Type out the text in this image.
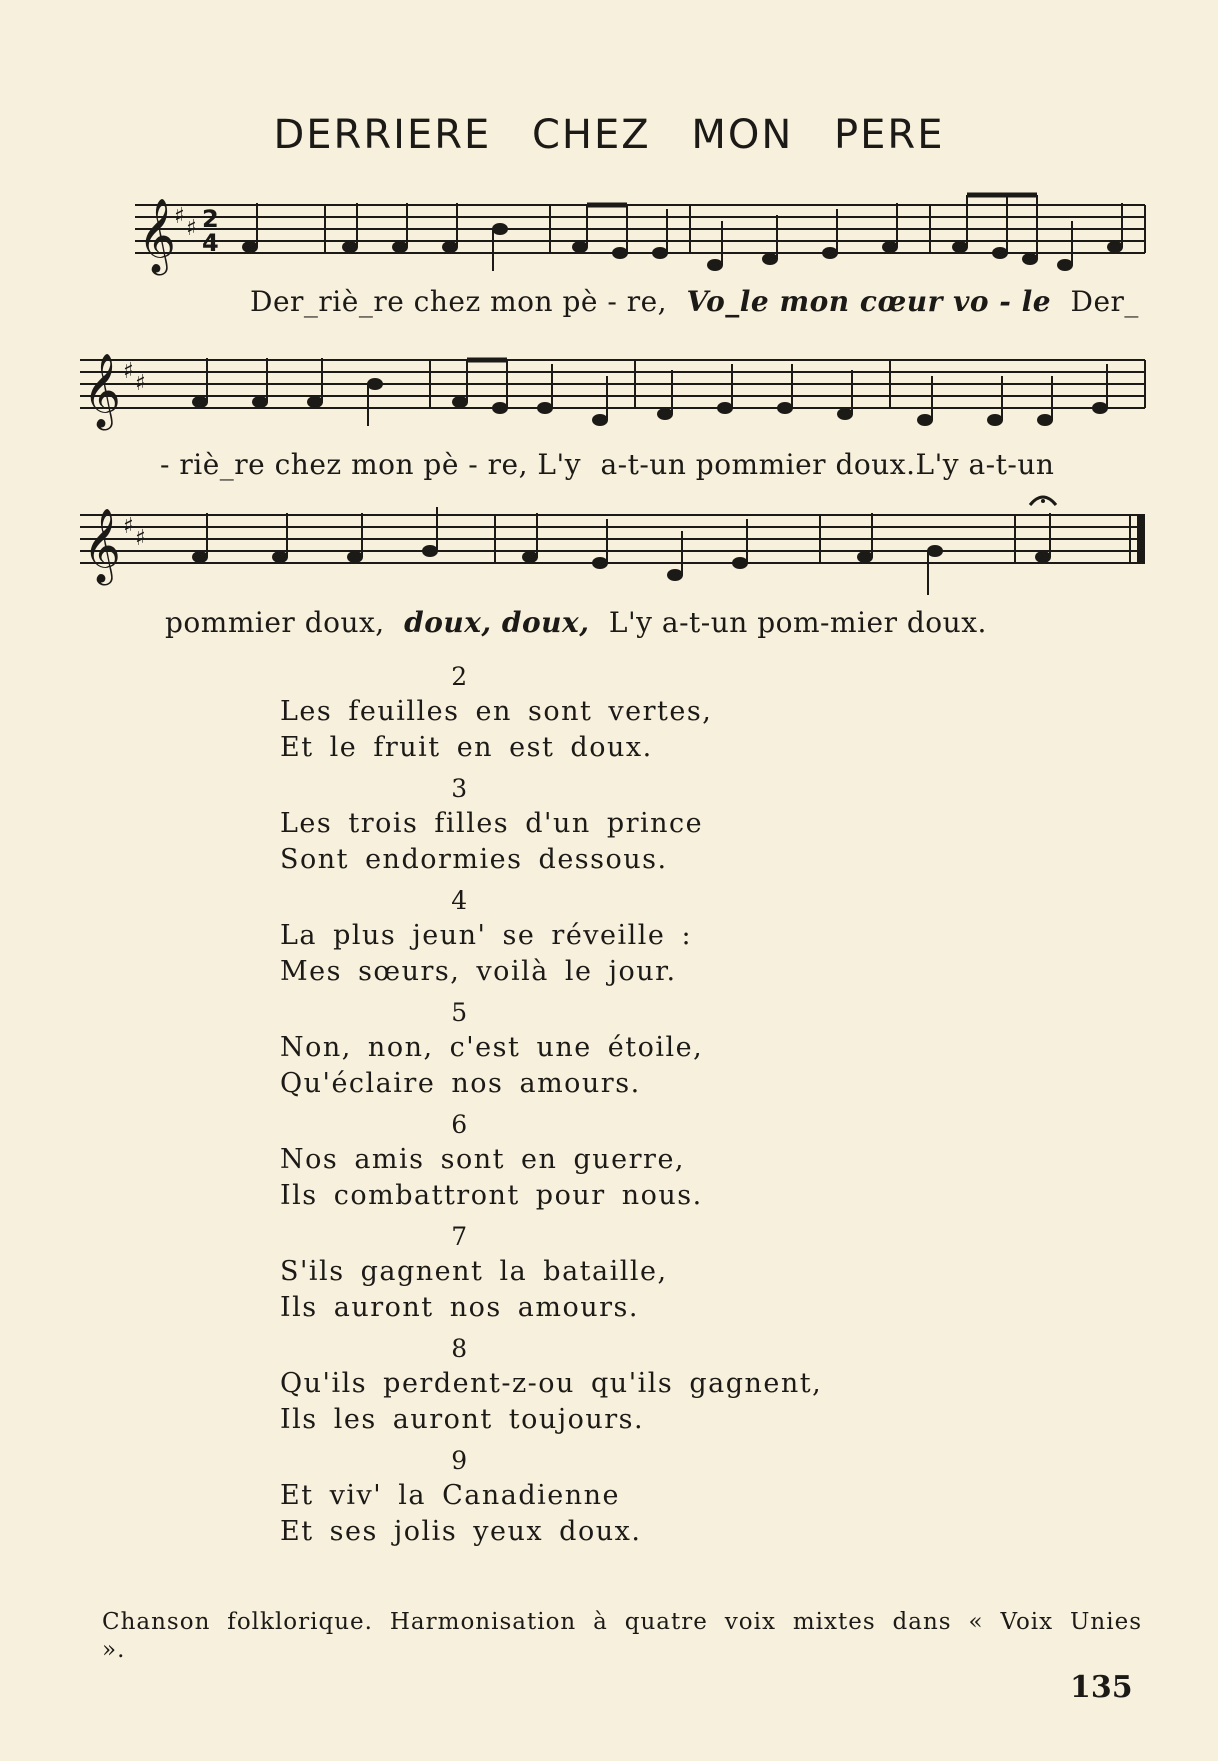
DERRIERE CHEZ MON PERE
𝄞
♯ ♯ 2
4
Der_riè_re chez mon pè - re, Vo_le mon cœur vo - le Der_
𝄞 ♯ ♯
- riè_re chez mon pè - re, L'y a-t-un pommier doux.L'y a-t-un
𝄞 ♯ ♯
pommier doux, doux, doux, L'y a-t-un pom-mier doux.
2
Les feuilles en sont vertes,
Et le fruit en est doux.
3
Les trois filles d'un prince
Sont endormies dessous.
4
La plus jeun' se réveille :
Mes sœurs, voilà le jour.
5
Non, non, c'est une étoile,
Qu'éclaire nos amours.
6
Nos amis sont en guerre,
Ils combattront pour nous.
7
S'ils gagnent la bataille,
Ils auront nos amours.
8
Qu'ils perdent-z-ou qu'ils gagnent,
Ils les auront toujours.
9
Et viv' la Canadienne
Et ses jolis yeux doux.
Chanson folklorique. Harmonisation à quatre voix mixtes dans « Voix Unies ».
135
